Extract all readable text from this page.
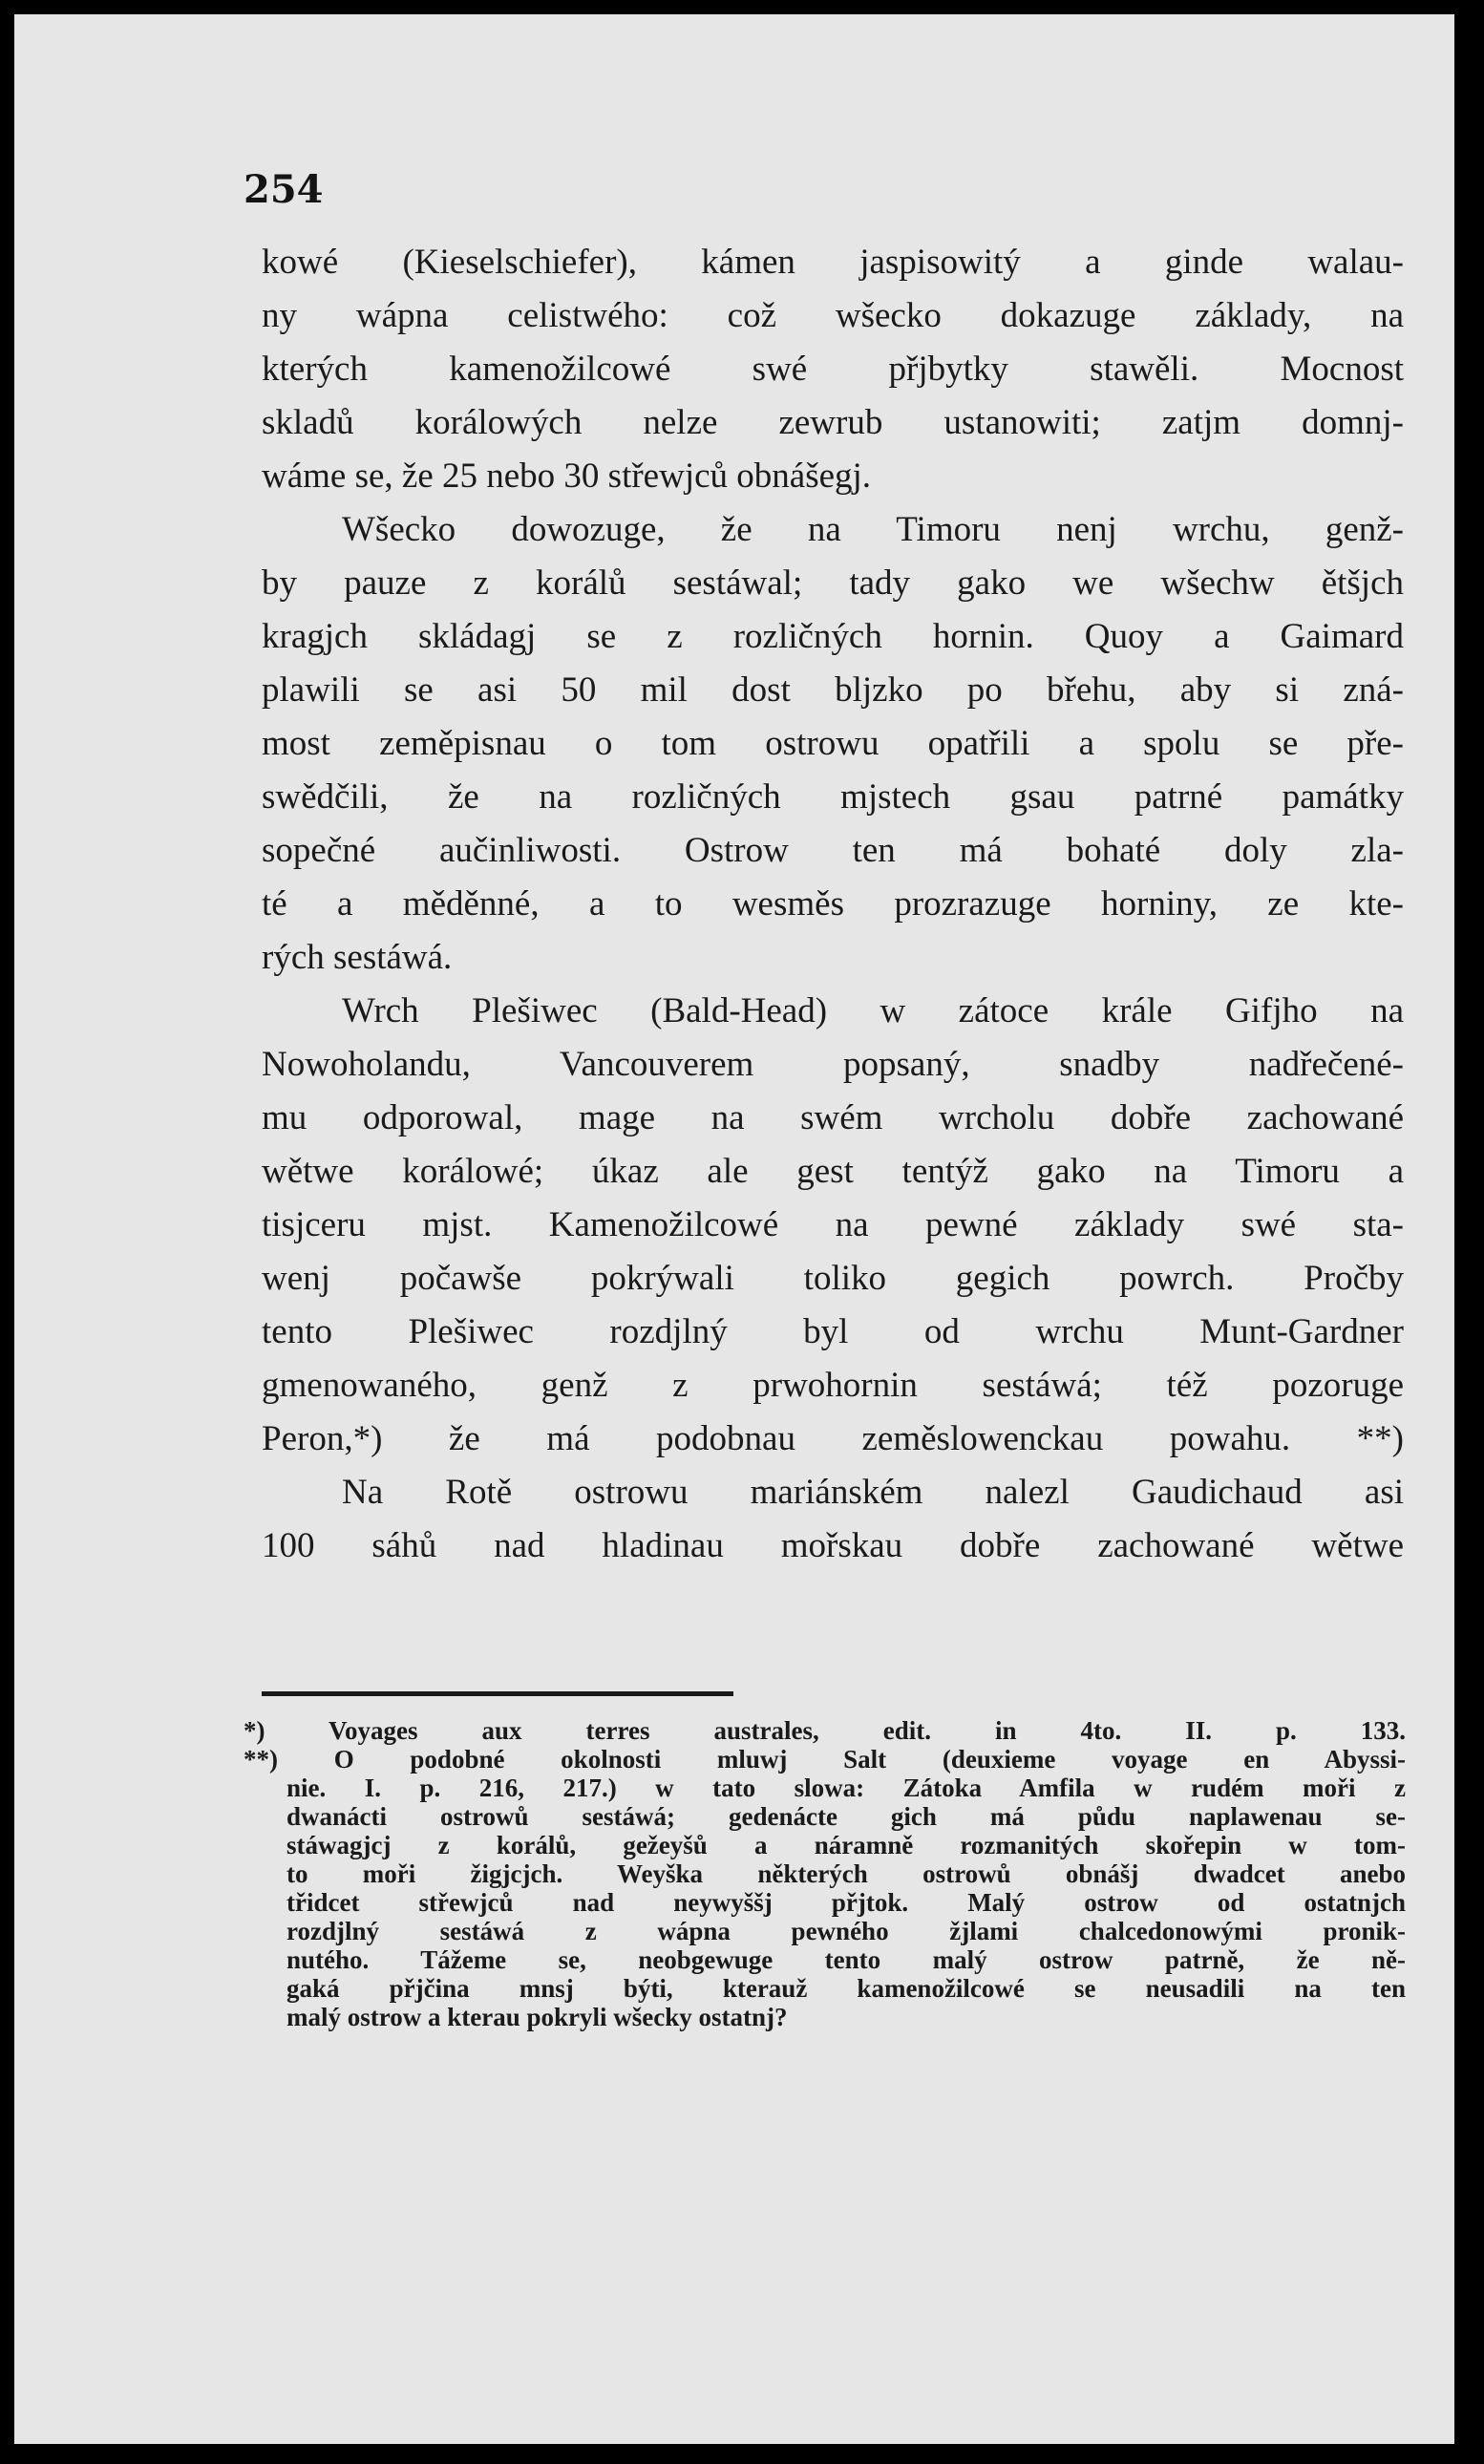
254
kowé (Kieselschiefer), kámen jaspisowitý a ginde walau-
ny wápna celistwého: což wšecko dokazuge základy, na
kterých kamenožilcowé swé přjbytky stawěli. Mocnost
skladů korálowých nelze zewrub ustanowiti; zatjm domnj-
wáme se, že 25 nebo 30 střewjců obnášegj.
Wšecko dowozuge, že na Timoru nenj wrchu, genž-
by pauze z korálů sestáwal; tady gako we wšechw ětšjch
kragjch skládagj se z rozličných hornin. Quoy a Gaimard
plawili se asi 50 mil dost bljzko po břehu, aby si zná-
most zeměpisnau o tom ostrowu opatřili a spolu se pře-
swědčili, že na rozličných mjstech gsau patrné památky
sopečné aučinliwosti. Ostrow ten má bohaté doly zla-
té a měděnné, a to wesměs prozrazuge horniny, ze kte-
rých sestáwá.
Wrch Plešiwec (Bald-Head) w zátoce krále Gifjho na
Nowoholandu, Vancouverem popsaný, snadby nadřečené-
mu odporowal, mage na swém wrcholu dobře zachowané
wětwe korálowé; úkaz ale gest tentýž gako na Timoru a
tisjceru mjst. Kamenožilcowé na pewné základy swé sta-
wenj počawše pokrýwali toliko gegich powrch. Pročby
tento Plešiwec rozdjlný byl od wrchu Munt-Gardner
gmenowaného, genž z prwohornin sestáwá; též pozoruge
Peron,*) že má podobnau zeměslowenckau powahu. **)
Na Rotě ostrowu mariánském nalezl Gaudichaud asi
100 sáhů nad hladinau mořskau dobře zachowané wětwe
*) Voyages aux terres australes, edit. in 4to. II. p. 133.
**) O podobné okolnosti mluwj Salt (deuxieme voyage en Abyssi-
nie. I. p. 216, 217.) w tato slowa: Zátoka Amfila w rudém moři z
dwanácti ostrowů sestáwá; gedenácte gich má půdu naplawenau se-
stáwagjcj z korálů, gežeyšů a náramně rozmanitých skořepin w tom-
to moři žigjcjch. Weyška některých ostrowů obnášj dwadcet anebo
třidcet střewjců nad neywyššj přjtok. Malý ostrow od ostatnjch
rozdjlný sestáwá z wápna pewného žjlami chalcedonowými pronik-
nutého. Tážeme se, neobgewuge tento malý ostrow patrně, že ně-
gaká přjčina mnsj býti, kterauž kamenožilcowé se neusadili na ten
malý ostrow a kterau pokryli wšecky ostatnj?
